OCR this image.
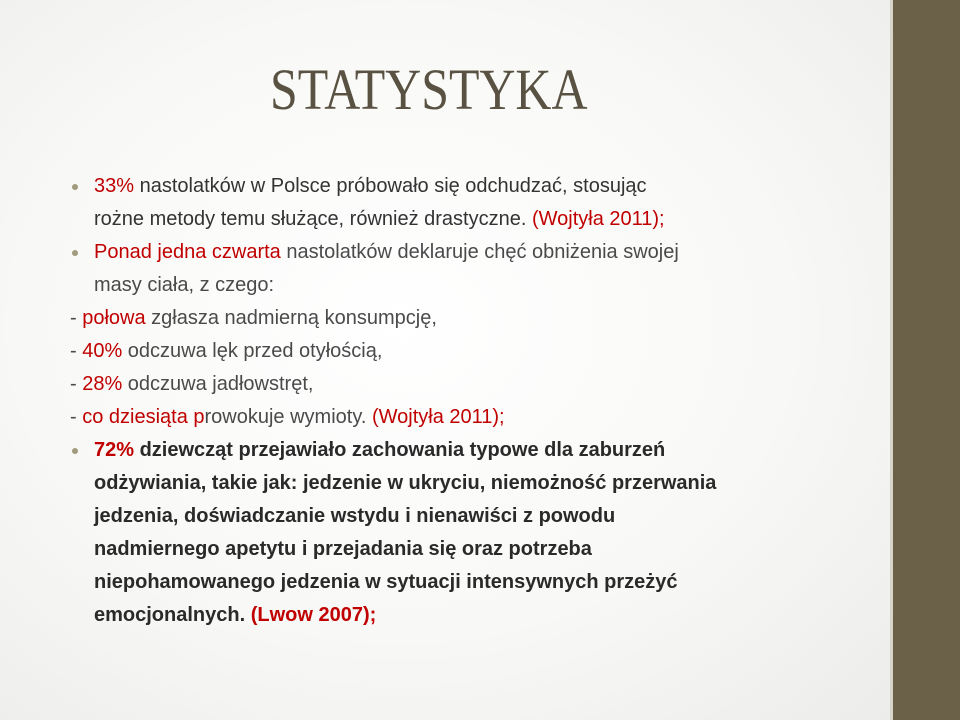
STATYSTYKA
33% nastolatków w Polsce próbowało się odchudzać, stosując
rożne metody temu służące, również drastyczne. (Wojtyła 2011);
Ponad jedna czwarta nastolatków deklaruje chęć obniżenia swojej
masy ciała, z czego:
- połowa zgłasza nadmierną konsumpcję,
- 40% odczuwa lęk przed otyłością,
- 28% odczuwa jadłowstręt,
- co dziesiąta prowokuje wymioty. (Wojtyła 2011);
72% dziewcząt przejawiało zachowania typowe dla zaburzeń
odżywiania, takie jak: jedzenie w ukryciu, niemożność przerwania
jedzenia, doświadczanie wstydu i nienawiści z powodu
nadmiernego apetytu i przejadania się oraz potrzeba
niepohamowanego jedzenia w sytuacji intensywnych przeżyć
emocjonalnych. (Lwow 2007);
